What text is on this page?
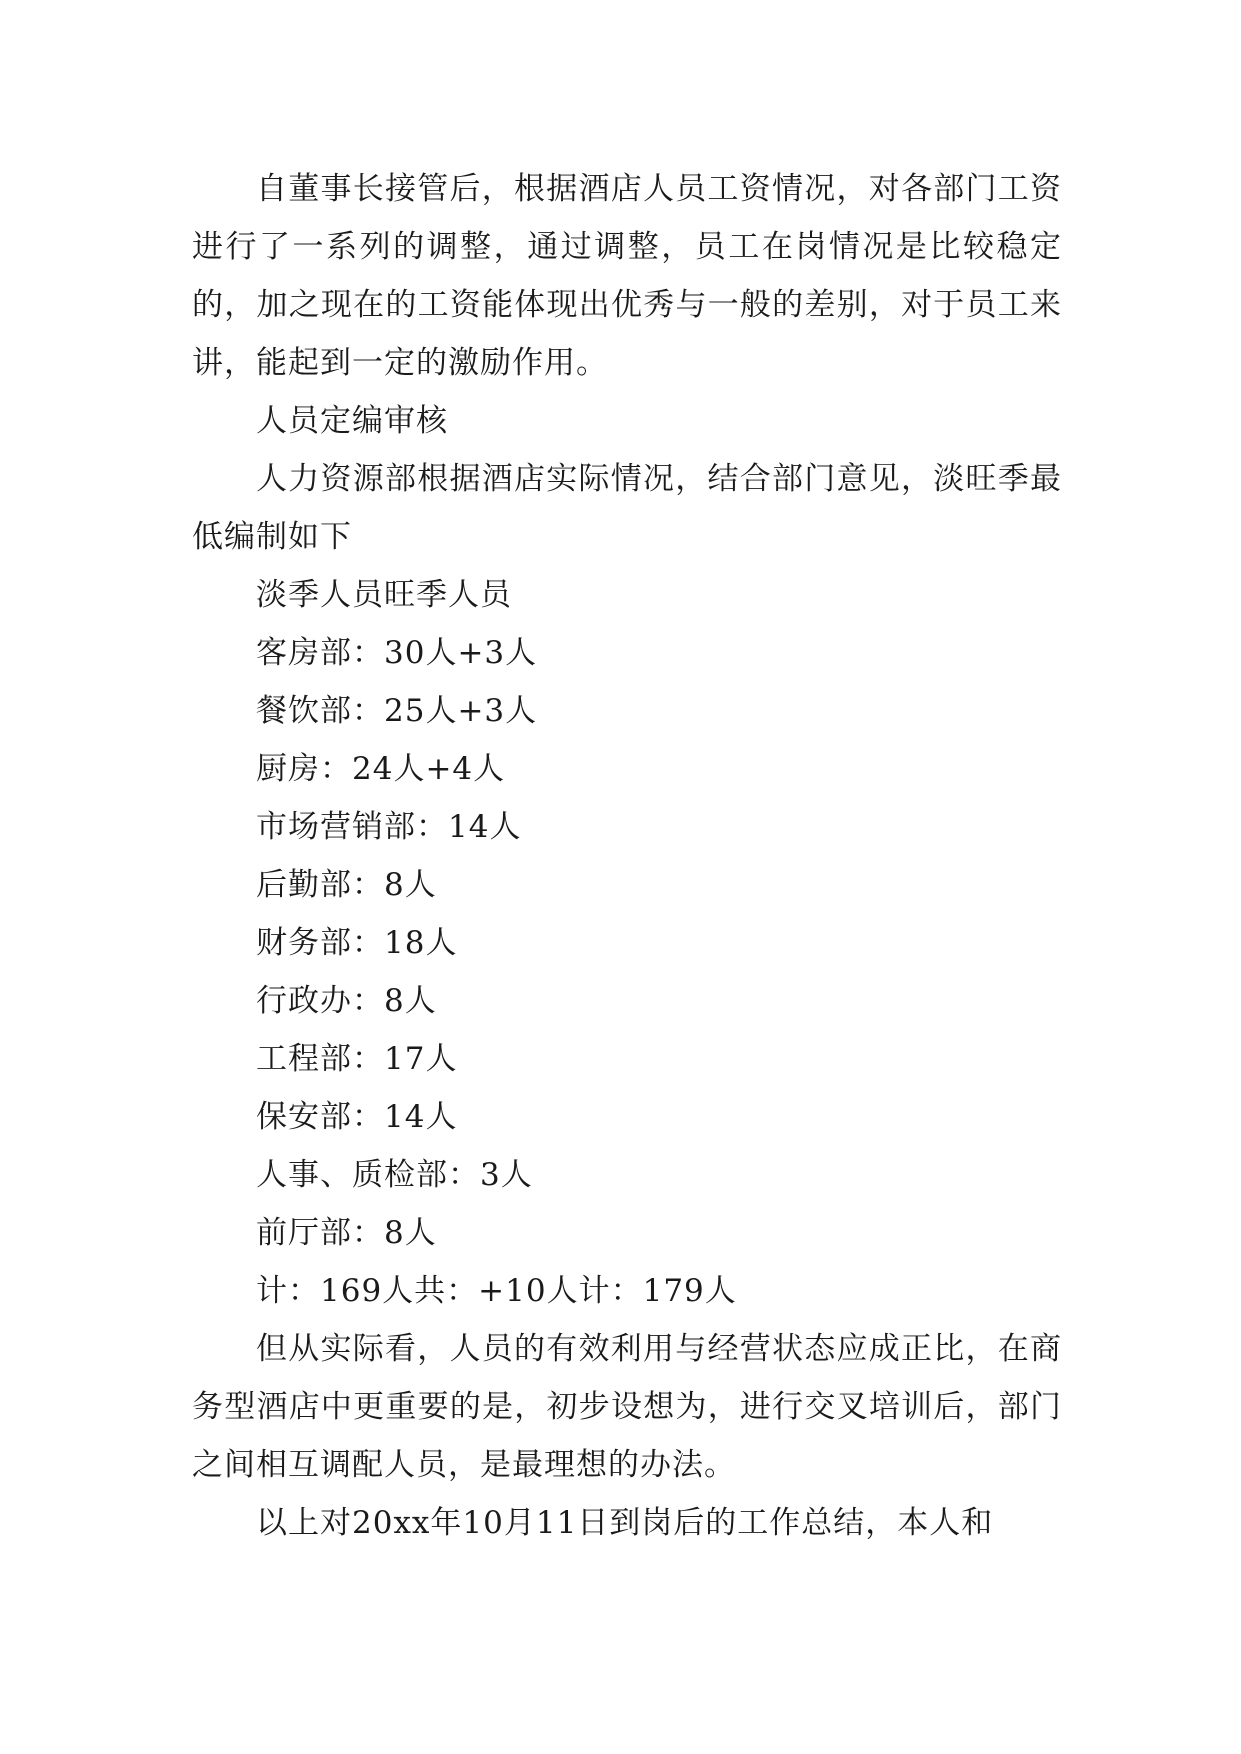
自董事长接管后，根据酒店人员工资情况，对各部门工资进行了一系列的调整，通过调整，员工在岗情况是比较稳定的，加之现在的工资能体现出优秀与一般的差别，对于员工来讲，能起到一定的激励作用。

人员定编审核

人力资源部根据酒店实际情况，结合部门意见，淡旺季最低编制如下

淡季人员旺季人员

客房部：30人+3人

餐饮部：25人+3人

厨房：24人+4人

市场营销部：14人

后勤部：8人

财务部：18人

行政办：8人

工程部：17人

保安部：14人

人事、质检部：3人

前厅部：8人

计：169人共：+10人计：179人

但从实际看，人员的有效利用与经营状态应成正比，在商务型酒店中更重要的是，初步设想为，进行交叉培训后，部门之间相互调配人员，是最理想的办法。

以上对20xx年10月11日到岗后的工作总结，本人和
